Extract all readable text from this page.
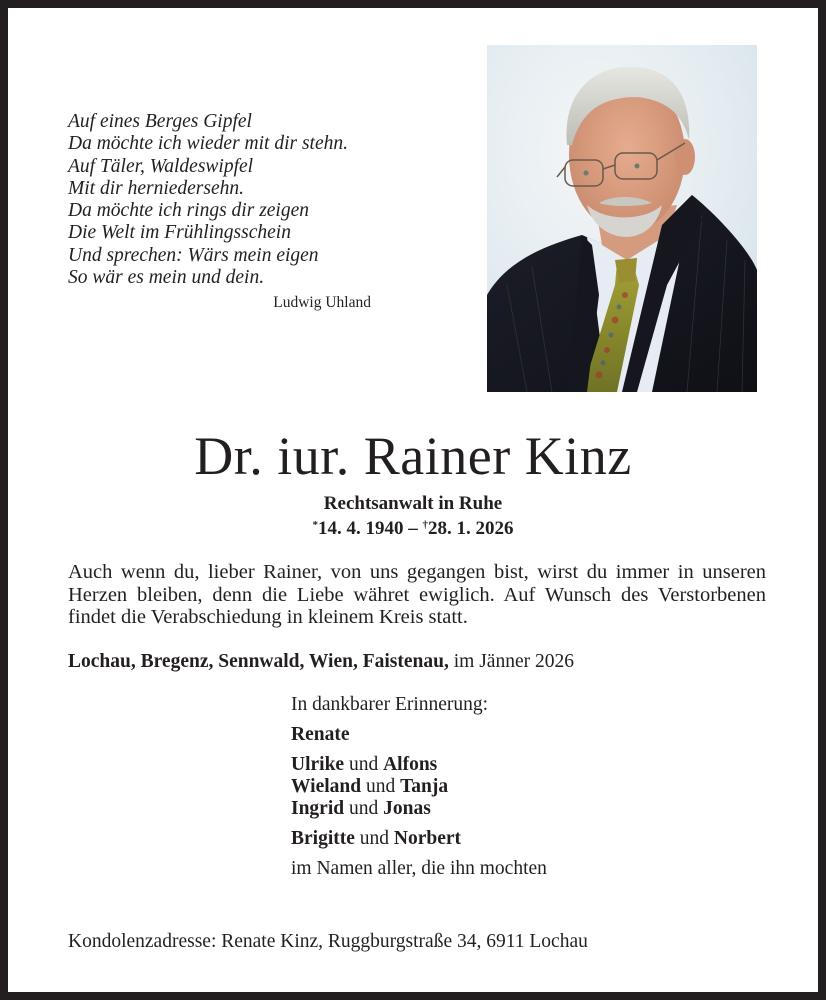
Auf eines Berges Gipfel
Da möchte ich wieder mit dir stehn.
Auf Täler, Waldeswipfel
Mit dir herniedersehn.
Da möchte ich rings dir zeigen
Die Welt im Frühlingsschein
Und sprechen: Wärs mein eigen
So wär es mein und dein.
Ludwig Uhland
Dr. iur. Rainer Kinz
Rechtsanwalt in Ruhe
*14. 4. 1940 – †28. 1. 2026
Auch wenn du, lieber Rainer, von uns gegangen bist, wirst du immer in unseren Herzen bleiben, denn die Liebe währet ewiglich. Auf Wunsch des Verstorbenen findet die Verabschiedung in kleinem Kreis statt.
Lochau, Bregenz, Sennwald, Wien, Faistenau, im Jänner 2026
In dankbarer Erinnerung:
Renate
Ulrike und Alfons
Wieland und Tanja
Ingrid und Jonas
Brigitte und Norbert
im Namen aller, die ihn mochten
Kondolenzadresse: Renate Kinz, Ruggburgstraße 34, 6911 Lochau
